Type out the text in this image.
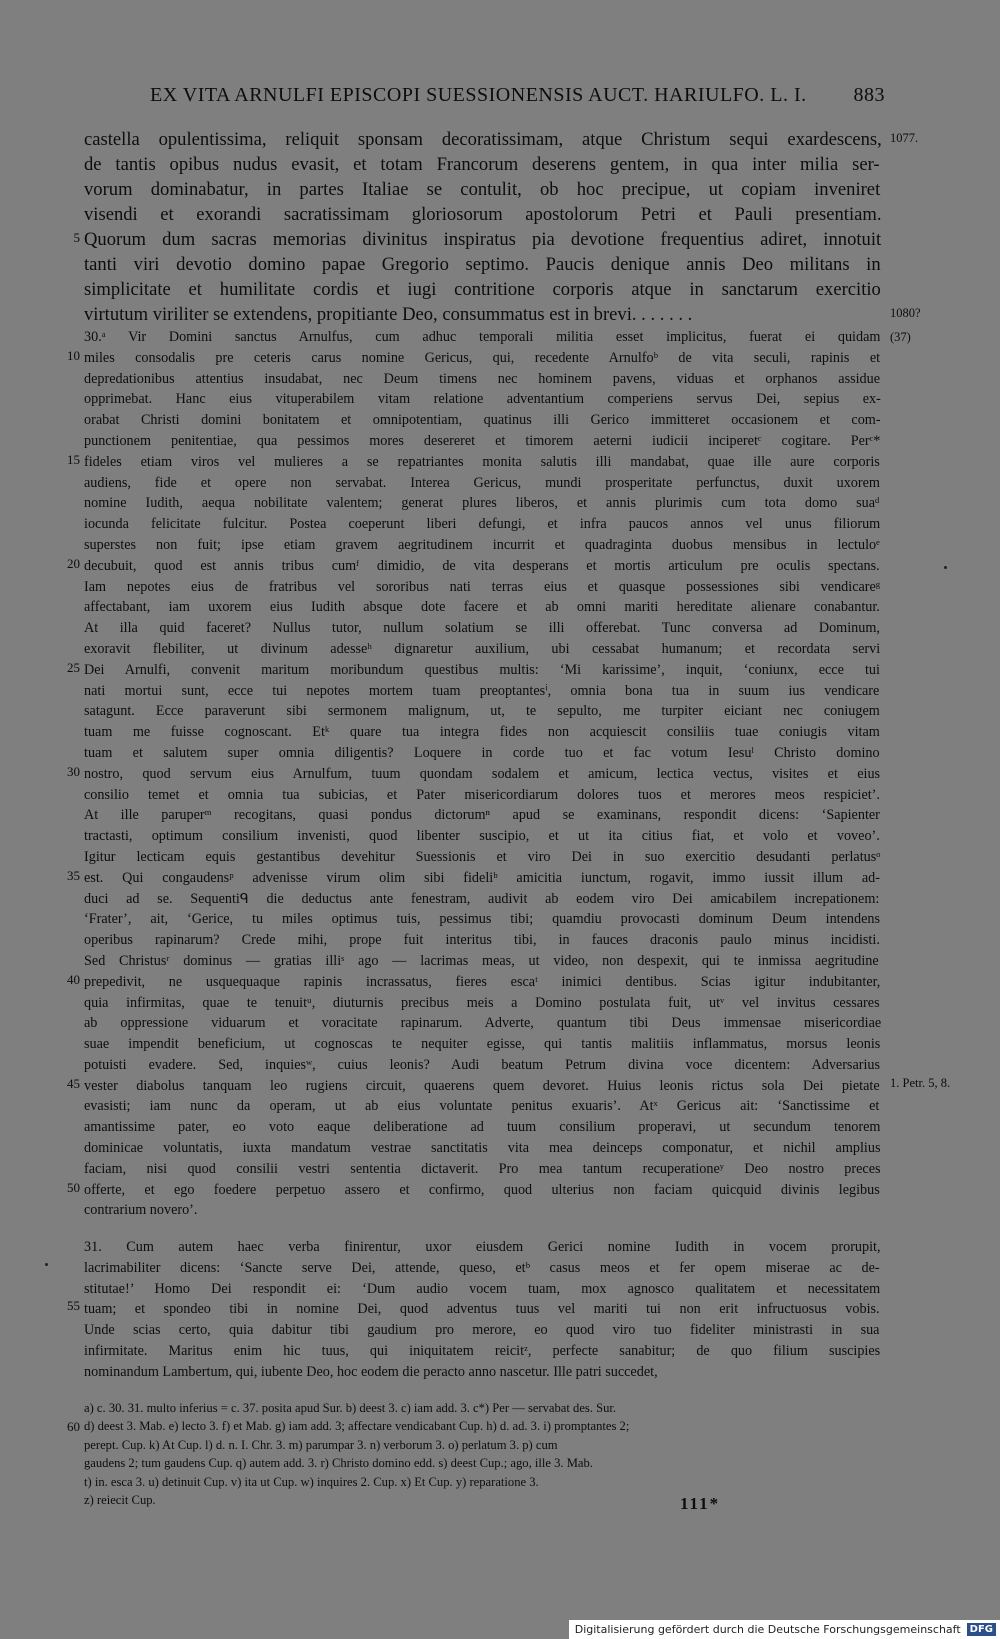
EX VITA ARNULFI EPISCOPI SUESSIONENSIS AUCT. HARIULFO. L. I. 883
castella opulentissima, reliquit sponsam decoratissimam, atque Christum sequi exardescens,
de tantis opibus nudus evasit, et totam Francorum deserens gentem, in qua inter milia ser-
vorum dominabatur, in partes Italiae se contulit, ob hoc precipue, ut copiam inveniret
visendi et exorandi sacratissimam gloriosorum apostolorum Petri et Pauli presentiam.
Quorum dum sacras memorias divinitus inspiratus pia devotione frequentius adiret, innotuit
tanti viri devotio domino papae Gregorio septimo. Paucis denique annis Deo militans in
simplicitate et humilitate cordis et iugi contritione corporis atque in sanctarum exercitio
virtutum viriliter se extendens, propitiante Deo, consummatus est in brevi. . . . . . .
30.ᵃ Vir Domini sanctus Arnulfus, cum adhuc temporali militia esset implicitus, fuerat ei quidam
miles consodalis pre ceteris carus nomine Gericus, qui, recedente Arnulfoᵇ de vita seculi, rapinis et
depredationibus attentius insudabat, nec Deum timens nec hominem pavens, viduas et orphanos assidue
opprimebat. Hanc eius vituperabilem vitam relatione adventantium comperiens servus Dei, sepius ex-
orabat Christi domini bonitatem et omnipotentiam, quatinus illi Gerico immitteret occasionem et com-
punctionem penitentiae, qua pessimos mores desereret et timorem aeterni iudicii inciperetᶜ cogitare. Perᶜ*
fideles etiam viros vel mulieres a se repatriantes monita salutis illi mandabat, quae ille aure corporis
audiens, fide et opere non servabat. Interea Gericus, mundi prosperitate perfunctus, duxit uxorem
nomine Iudith, aequa nobilitate valentem; generat plures liberos, et annis plurimis cum tota domo suaᵈ
iocunda felicitate fulcitur. Postea coeperunt liberi defungi, et infra paucos annos vel unus filiorum
superstes non fuit; ipse etiam gravem aegritudinem incurrit et quadraginta duobus mensibus in lectuloᵉ
decubuit, quod est annis tribus cumᶠ dimidio, de vita desperans et mortis articulum pre oculis spectans.
Iam nepotes eius de fratribus vel sororibus nati terras eius et quasque possessiones sibi vendicareᵍ
affectabant, iam uxorem eius Iudith absque dote facere et ab omni mariti hereditate alienare conabantur.
At illa quid faceret? Nullus tutor, nullum solatium se illi offerebat. Tunc conversa ad Dominum,
exoravit flebiliter, ut divinum adesseʰ dignaretur auxilium, ubi cessabat humanum; et recordata servi
Dei Arnulfi, convenit maritum moribundum questibus multis: ‘Mi karissime’, inquit, ‘coniunx, ecce tui
nati mortui sunt, ecce tui nepotes mortem tuam preoptantesⁱ, omnia bona tua in suum ius vendicare
satagunt. Ecce paraverunt sibi sermonem malignum, ut, te sepulto, me turpiter eiciant nec coniugem
tuam me fuisse cognoscant. Etᵏ quare tua integra fides non acquiescit consiliis tuae coniugis vitam
tuam et salutem super omnia diligentis? Loquere in corde tuo et fac votum Iesuˡ Christo domino
nostro, quod servum eius Arnulfum, tuum quondam sodalem et amicum, lectica vectus, visites et eius
consilio temet et omnia tua subicias, et Pater misericordiarum dolores tuos et merores meos respiciet’.
At ille paruperᵐ recogitans, quasi pondus dictorumⁿ apud se examinans, respondit dicens: ‘Sapienter
tractasti, optimum consilium invenisti, quod libenter suscipio, et ut ita citius fiat, et volo et voveo’.
Igitur lecticam equis gestantibus devehitur Suessionis et viro Dei in suo exercitio desudanti perlatusᵒ
est. Qui congaudensᵖ advenisse virum olim sibi fideliᵇ amicitia iunctum, rogavit, immo iussit illum ad-
duci ad se. Sequentiᑫ die deductus ante fenestram, audivit ab eodem viro Dei amicabilem increpationem:
‘Frater’, ait, ‘Gerice, tu miles optimus tuis, pessimus tibi; quamdiu provocasti dominum Deum intendens
operibus rapinarum? Crede mihi, prope fuit interitus tibi, in fauces draconis paulo minus incidisti.
Sed Christusʳ dominus — gratias illiˢ ago — lacrimas meas, ut video, non despexit, qui te inmissa aegritudine
prepedivit, ne usquequaque rapinis incrassatus, fieres escaᵗ inimici dentibus. Scias igitur indubitanter,
quia infirmitas, quae te tenuitᵘ, diuturnis precibus meis a Domino postulata fuit, utᵛ vel invitus cessares
ab oppressione viduarum et voracitate rapinarum. Adverte, quantum tibi Deus immensae misericordiae
suae impendit beneficium, ut cognoscas te nequiter egisse, qui tantis malitiis inflammatus, morsus leonis
potuisti evadere. Sed, inquiesʷ, cuius leonis? Audi beatum Petrum divina voce dicentem: Adversarius
vester diabolus tanquam leo rugiens circuit, quaerens quem devoret. Huius leonis rictus sola Dei pietate
evasisti; iam nunc da operam, ut ab eius voluntate penitus exuaris’. Atˣ Gericus ait: ‘Sanctissime et
amantissime pater, eo voto eaque deliberatione ad tuum consilium properavi, ut secundum tenorem
dominicae voluntatis, iuxta mandatum vestrae sanctitatis vita mea deinceps componatur, et nichil amplius
faciam, nisi quod consilii vestri sententia dictaverit. Pro mea tantum recuperationeʸ Deo nostro preces
offerte, et ego foedere perpetuo assero et confirmo, quod ulterius non faciam quicquid divinis legibus
contrarium novero’.
31. Cum autem haec verba finirentur, uxor eiusdem Gerici nomine Iudith in vocem prorupit,
lacrimabiliter dicens: ‘Sancte serve Dei, attende, queso, etᵇ casus meos et fer opem miserae ac de-
stitutae!’ Homo Dei respondit ei: ‘Dum audio vocem tuam, mox agnosco qualitatem et necessitatem
tuam; et spondeo tibi in nomine Dei, quod adventus tuus vel mariti tui non erit infructuosus vobis.
Unde scias certo, quia dabitur tibi gaudium pro merore, eo quod viro tuo fideliter ministrasti in sua
infirmitate. Maritus enim hic tuus, qui iniquitatem reicitᶻ, perfecte sanabitur; de quo filium suscipies
nominandum Lambertum, qui, iubente Deo, hoc eodem die peracto anno nascetur. Ille patri succedet,
a) c. 30. 31. multo inferius = c. 37. posita apud Sur. b) deest 3. c) iam add. 3. c*) Per — servabat des. Sur.
d) deest 3. Mab. e) lecto 3. f) et Mab. g) iam add. 3; affectare vendicabant Cup. h) d. ad. 3. i) promptantes 2;
perept. Cup. k) At Cup. l) d. n. I. Chr. 3. m) parumpar 3. n) verborum 3. o) perlatum 3. p) cum
gaudens 2; tum gaudens Cup. q) autem add. 3. r) Christo domino edd. s) deest Cup.; ago, ille 3. Mab.
t) in. esca 3. u) detinuit Cup. v) ita ut Cup. w) inquires 2. Cup. x) Et Cup. y) reparatione 3.
z) reiecit Cup.
5
10
15
20
25
30
35
40
45
50
55
60
1077.
1080?
(37)
1. Petr. 5, 8.
111*
Digitalisierung gefördert durch die Deutsche Forschungsgemeinschaft DFG
